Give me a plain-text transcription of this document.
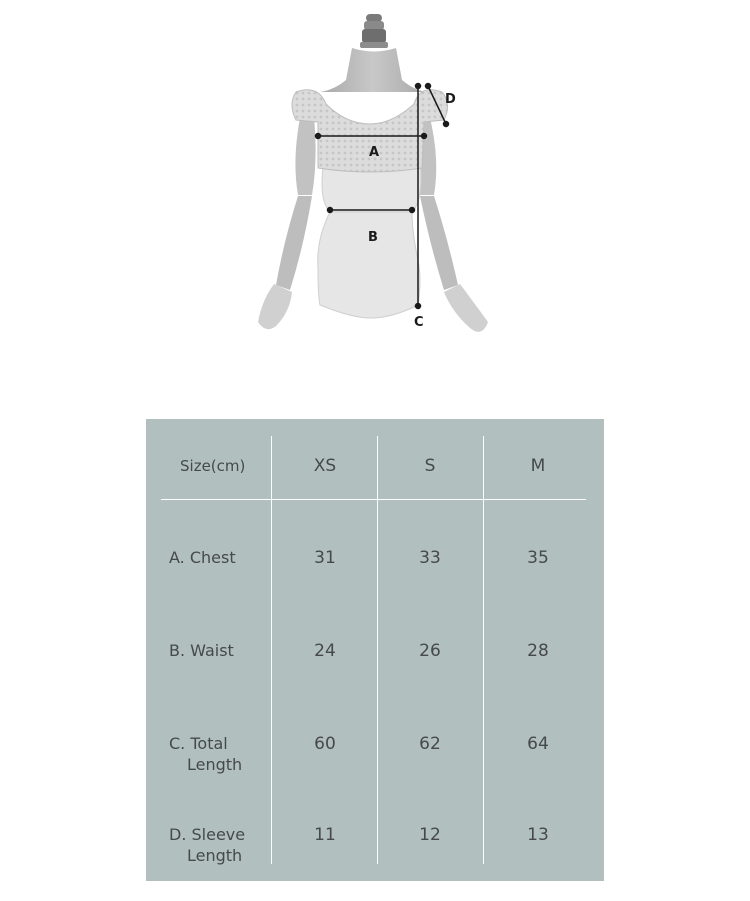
A
B
C
D
Size(cm)	XS	S	M
A. Chest	31	33	35
B. Waist	24	26	28
C. Total
Length
60	62	64
D. Sleeve
Length
11	12	13
